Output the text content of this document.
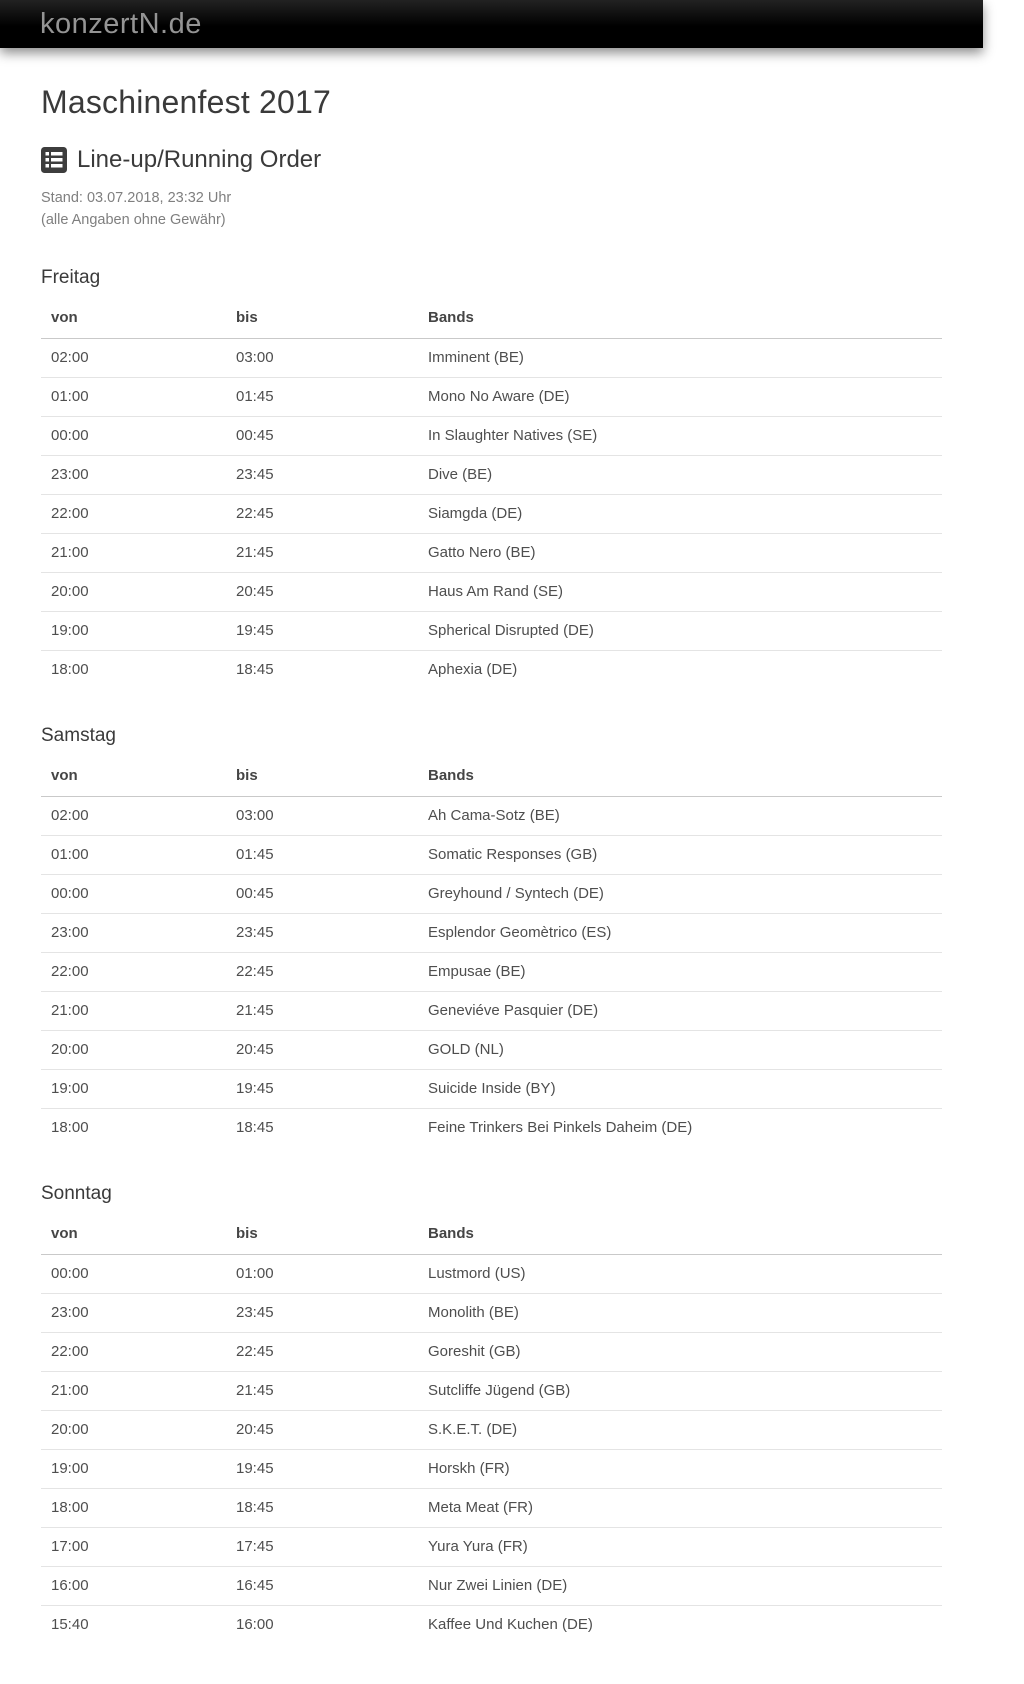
konzertN.de
Maschinenfest 2017
Line-up/Running Order

Stand: 03.07.2018, 23:32 Uhr
(alle Angaben ohne Gewähr)

Freitag
von	bis	Bands
02:00	03:00	Imminent (BE)
01:00	01:45	Mono No Aware (DE)
00:00	00:45	In Slaughter Natives (SE)
23:00	23:45	Dive (BE)
22:00	22:45	Siamgda (DE)
21:00	21:45	Gatto Nero (BE)
20:00	20:45	Haus Am Rand (SE)
19:00	19:45	Spherical Disrupted (DE)
18:00	18:45	Aphexia (DE)
Samstag
von	bis	Bands
02:00	03:00	Ah Cama-Sotz (BE)
01:00	01:45	Somatic Responses (GB)
00:00	00:45	Greyhound / Syntech (DE)
23:00	23:45	Esplendor Geomètrico (ES)
22:00	22:45	Empusae (BE)
21:00	21:45	Geneviéve Pasquier (DE)
20:00	20:45	GOLD (NL)
19:00	19:45	Suicide Inside (BY)
18:00	18:45	Feine Trinkers Bei Pinkels Daheim (DE)
Sonntag
von	bis	Bands
00:00	01:00	Lustmord (US)
23:00	23:45	Monolith (BE)
22:00	22:45	Goreshit (GB)
21:00	21:45	Sutcliffe Jügend (GB)
20:00	20:45	S.K.E.T. (DE)
19:00	19:45	Horskh (FR)
18:00	18:45	Meta Meat (FR)
17:00	17:45	Yura Yura (FR)
16:00	16:45	Nur Zwei Linien (DE)
15:40	16:00	Kaffee Und Kuchen (DE)
